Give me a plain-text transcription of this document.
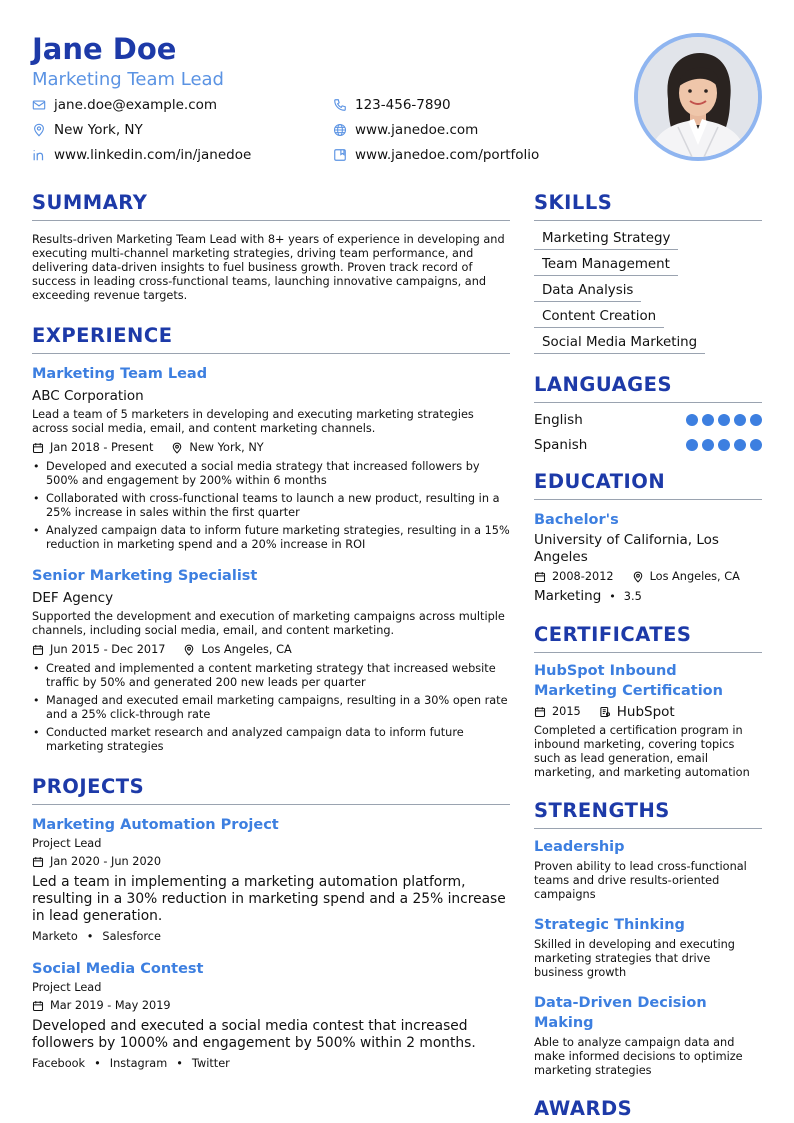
Jane Doe
Marketing Team Lead
jane.doe@example.com	123-456-7890
New York, NY	www.janedoe.com
www.linkedin.com/in/janedoe	www.janedoe.com/portfolio
SUMMARY
Results-driven Marketing Team Lead with 8+ years of experience in developing and executing multi-channel marketing strategies, driving team performance, and delivering data-driven insights to fuel business growth. Proven track record of success in leading cross-functional teams, launching innovative campaigns, and exceeding revenue targets.
EXPERIENCE
Marketing Team Lead
ABC Corporation
Lead a team of 5 marketers in developing and executing marketing strategies across social media, email, and content marketing channels.
Jan 2018 - Present	New York, NY
• Developed and executed a social media strategy that increased followers by 500% and engagement by 200% within 6 months
• Collaborated with cross-functional teams to launch a new product, resulting in a 25% increase in sales within the first quarter
• Analyzed campaign data to inform future marketing strategies, resulting in a 15% reduction in marketing spend and a 20% increase in ROI
Senior Marketing Specialist
DEF Agency
Supported the development and execution of marketing campaigns across multiple channels, including social media, email, and content marketing.
Jun 2015 - Dec 2017	Los Angeles, CA
• Created and implemented a content marketing strategy that increased website traffic by 50% and generated 200 new leads per quarter
• Managed and executed email marketing campaigns, resulting in a 30% open rate and a 25% click-through rate
• Conducted market research and analyzed campaign data to inform future marketing strategies
PROJECTS
Marketing Automation Project
Project Lead
Jan 2020 - Jun 2020
Led a team in implementing a marketing automation platform, resulting in a 30% reduction in marketing spend and a 25% increase in lead generation.
Marketo • Salesforce
Social Media Contest
Project Lead
Mar 2019 - May 2019
Developed and executed a social media contest that increased followers by 1000% and engagement by 500% within 2 months.
Facebook • Instagram • Twitter
SKILLS
Marketing Strategy
Team Management
Data Analysis
Content Creation
Social Media Marketing
LANGUAGES
English
Spanish
EDUCATION
Bachelor's
University of California, Los Angeles
2008-2012	Los Angeles, CA
Marketing • 3.5
CERTIFICATES
HubSpot Inbound Marketing Certification
2015	HubSpot
Completed a certification program in inbound marketing, covering topics such as lead generation, email marketing, and marketing automation
STRENGTHS
Leadership
Proven ability to lead cross-functional teams and drive results-oriented campaigns
Strategic Thinking
Skilled in developing and executing marketing strategies that drive business growth
Data-Driven Decision Making
Able to analyze campaign data and make informed decisions to optimize marketing strategies
AWARDS
